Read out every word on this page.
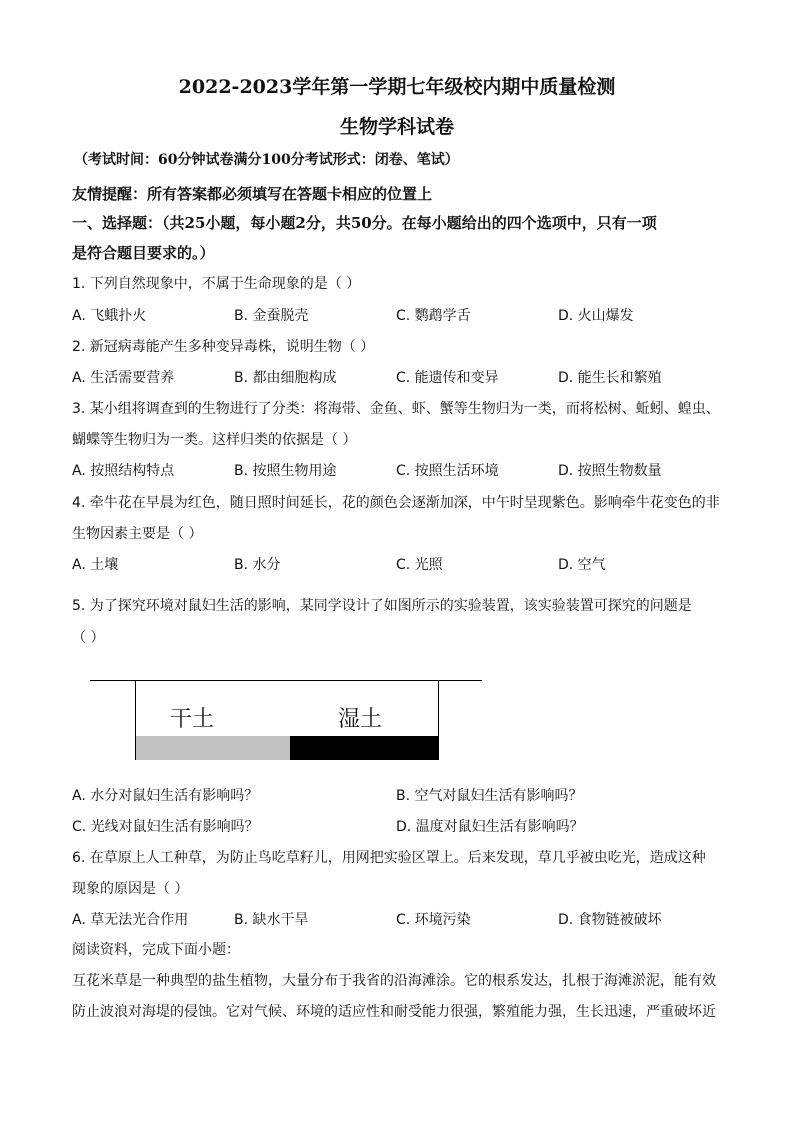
2022-2023学年第一学期七年级校内期中质量检测
生物学科试卷
（考试时间：60分钟试卷满分100分考试形式：闭卷、笔试）
友情提醒：所有答案都必须填写在答题卡相应的位置上
一、选择题：（共25小题，每小题2分，共50分。在每小题给出的四个选项中，只有一项
是符合题目要求的。）
1. 下列自然现象中，不属于生命现象的是（ ）
A. 飞蛾扑火	B. 金蚕脱壳	C. 鹦鹉学舌	D. 火山爆发
2. 新冠病毒能产生多种变异毒株，说明生物（ ）
A. 生活需要营养	B. 都由细胞构成	C. 能遗传和变异	D. 能生长和繁殖
3. 某小组将调查到的生物进行了分类：将海带、金鱼、虾、蟹等生物归为一类，而将松树、蚯蚓、蝗虫、
蝴蝶等生物归为一类。这样归类的依据是（ ）
A. 按照结构特点	B. 按照生物用途	C. 按照生活环境	D. 按照生物数量
4. 牵牛花在早晨为红色，随日照时间延长，花的颜色会逐渐加深，中午时呈现紫色。影响牵牛花变色的非
生物因素主要是（ ）
A. 土壤	B. 水分	C. 光照	D. 空气
5. 为了探究环境对鼠妇生活的影响，某同学设计了如图所示的实验装置，该实验装置可探究的问题是
（ ）
干土	湿土
A. 水分对鼠妇生活有影响吗？	B. 空气对鼠妇生活有影响吗？
C. 光线对鼠妇生活有影响吗？	D. 温度对鼠妇生活有影响吗？
6. 在草原上人工种草，为防止鸟吃草籽儿，用网把实验区罩上。后来发现，草几乎被虫吃光，造成这种
现象的原因是（ ）
A. 草无法光合作用	B. 缺水干旱	C. 环境污染	D. 食物链被破坏
阅读资料，完成下面小题：
互花米草是一种典型的盐生植物，大量分布于我省的沿海滩涂。它的根系发达，扎根于海滩淤泥，能有效
防止波浪对海堤的侵蚀。它对气候、环境的适应性和耐受能力很强，繁殖能力强，生长迅速，严重破坏近
